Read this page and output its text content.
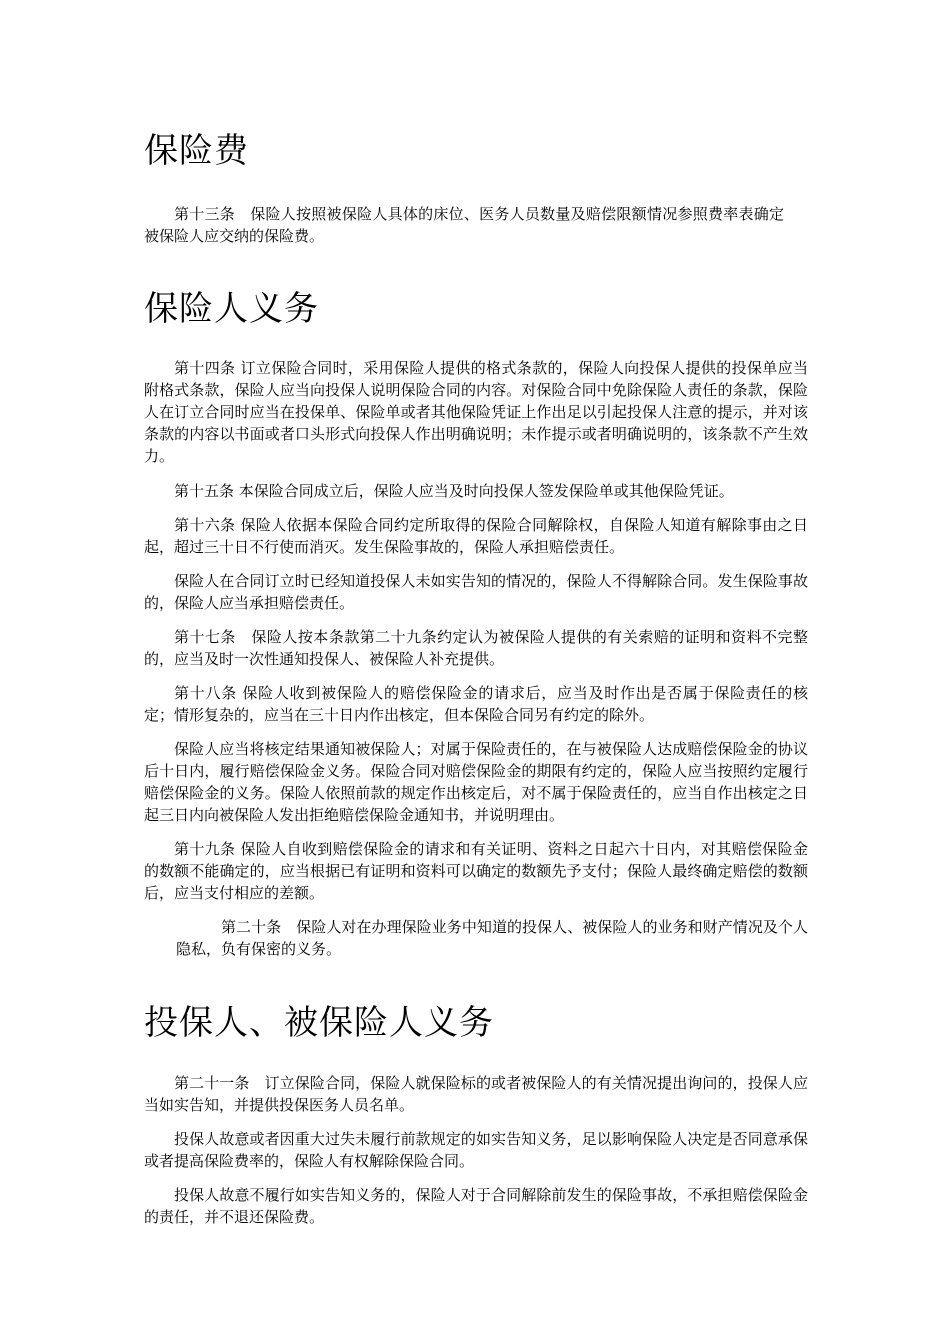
保险费

第十三条　保险人按照被保险人具体的床位、医务人员数量及赔偿限额情况参照费率表确定被保险人应交纳的保险费。

保险人义务

第十四条 订立保险合同时，采用保险人提供的格式条款的，保险人向投保人提供的投保单应当附格式条款，保险人应当向投保人说明保险合同的内容。对保险合同中免除保险人责任的条款，保险人在订立合同时应当在投保单、保险单或者其他保险凭证上作出足以引起投保人注意的提示，并对该条款的内容以书面或者口头形式向投保人作出明确说明；未作提示或者明确说明的，该条款不产生效力。

第十五条 本保险合同成立后，保险人应当及时向投保人签发保险单或其他保险凭证。

第十六条 保险人依据本保险合同约定所取得的保险合同解除权，自保险人知道有解除事由之日起，超过三十日不行使而消灭。发生保险事故的，保险人承担赔偿责任。

保险人在合同订立时已经知道投保人未如实告知的情况的，保险人不得解除合同。发生保险事故的，保险人应当承担赔偿责任。

第十七条　保险人按本条款第二十九条约定认为被保险人提供的有关索赔的证明和资料不完整的，应当及时一次性通知投保人、被保险人补充提供。

第十八条 保险人收到被保险人的赔偿保险金的请求后，应当及时作出是否属于保险责任的核定；情形复杂的，应当在三十日内作出核定，但本保险合同另有约定的除外。

保险人应当将核定结果通知被保险人；对属于保险责任的，在与被保险人达成赔偿保险金的协议后十日内，履行赔偿保险金义务。保险合同对赔偿保险金的期限有约定的，保险人应当按照约定履行赔偿保险金的义务。保险人依照前款的规定作出核定后，对不属于保险责任的，应当自作出核定之日起三日内向被保险人发出拒绝赔偿保险金通知书，并说明理由。

第十九条 保险人自收到赔偿保险金的请求和有关证明、资料之日起六十日内，对其赔偿保险金的数额不能确定的，应当根据已有证明和资料可以确定的数额先予支付；保险人最终确定赔偿的数额后，应当支付相应的差额。

第二十条　保险人对在办理保险业务中知道的投保人、被保险人的业务和财产情况及个人隐私，负有保密的义务。

投保人、被保险人义务

第二十一条　订立保险合同，保险人就保险标的或者被保险人的有关情况提出询问的，投保人应当如实告知，并提供投保医务人员名单。

投保人故意或者因重大过失未履行前款规定的如实告知义务，足以影响保险人决定是否同意承保或者提高保险费率的，保险人有权解除保险合同。

投保人故意不履行如实告知义务的，保险人对于合同解除前发生的保险事故，不承担赔偿保险金的责任，并不退还保险费。
